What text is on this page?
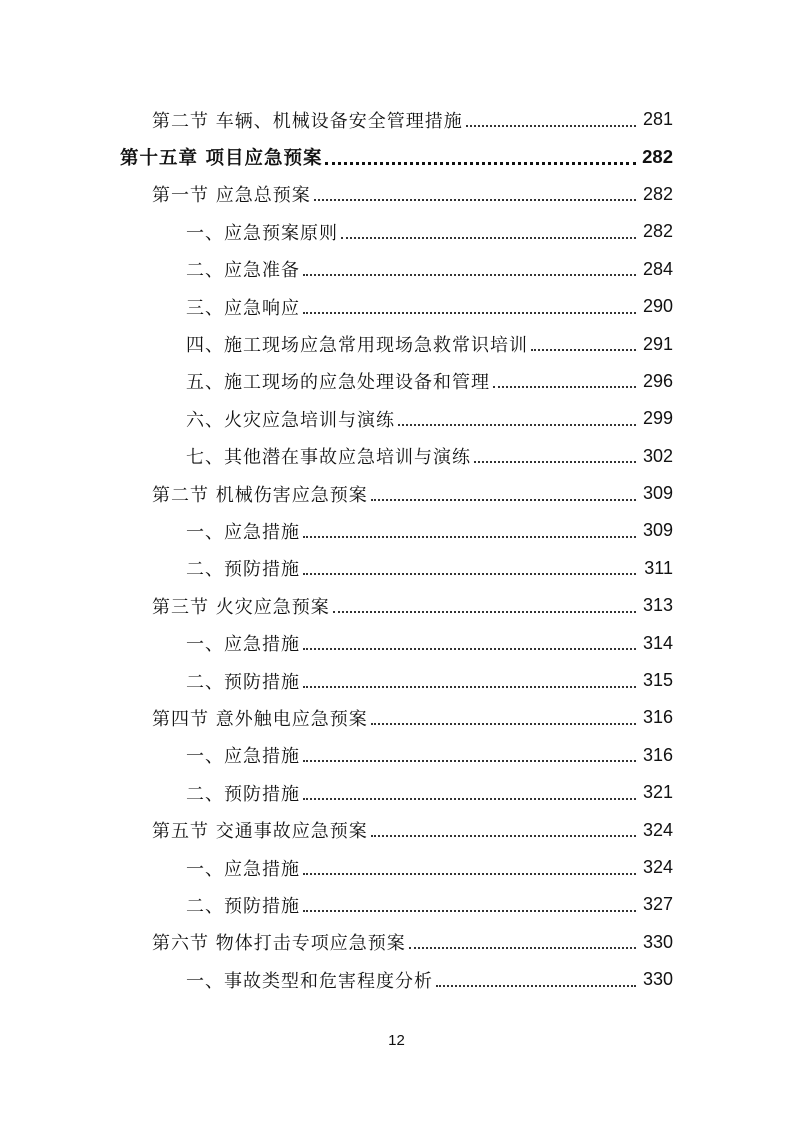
第二节 车辆、机械设备安全管理措施	281
第十五章 项目应急预案	282
第一节 应急总预案	282
一、应急预案原则	282
二、应急准备	284
三、应急响应	290
四、施工现场应急常用现场急救常识培训	291
五、施工现场的应急处理设备和管理	296
六、火灾应急培训与演练	299
七、其他潜在事故应急培训与演练	302
第二节 机械伤害应急预案	309
一、应急措施	309
二、预防措施	311
第三节 火灾应急预案	313
一、应急措施	314
二、预防措施	315
第四节 意外触电应急预案	316
一、应急措施	316
二、预防措施	321
第五节 交通事故应急预案	324
一、应急措施	324
二、预防措施	327
第六节 物体打击专项应急预案	330
一、事故类型和危害程度分析	330
12
